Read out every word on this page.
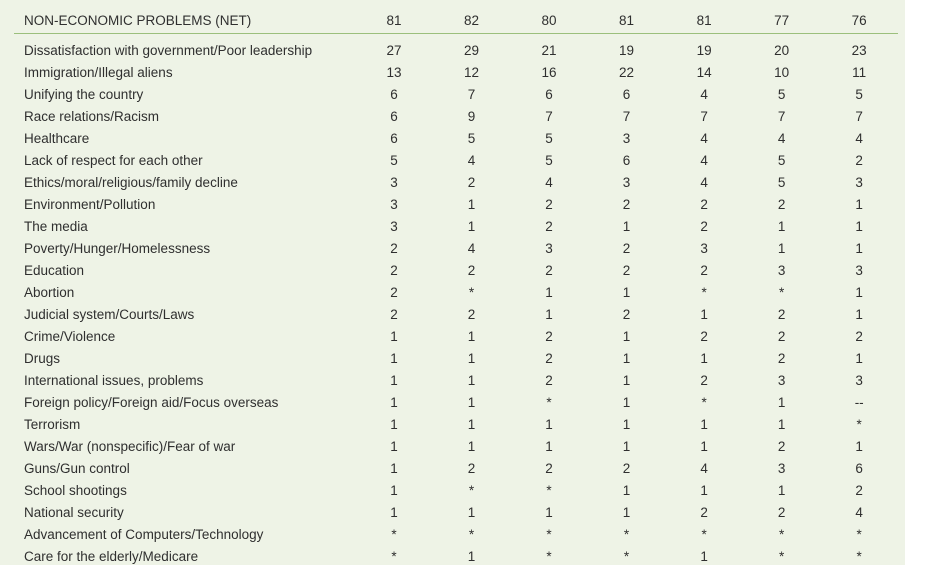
NON-ECONOMIC PROBLEMS (NET)	81	82	80	81	81	77	76
Dissatisfaction with government/Poor leadership	27	29	21	19	19	20	23
Immigration/Illegal aliens	13	12	16	22	14	10	11
Unifying the country	6	7	6	6	4	5	5
Race relations/Racism	6	9	7	7	7	7	7
Healthcare	6	5	5	3	4	4	4
Lack of respect for each other	5	4	5	6	4	5	2
Ethics/moral/religious/family decline	3	2	4	3	4	5	3
Environment/Pollution	3	1	2	2	2	2	1
The media	3	1	2	1	2	1	1
Poverty/Hunger/Homelessness	2	4	3	2	3	1	1
Education	2	2	2	2	2	3	3
Abortion	2	*	1	1	*	*	1
Judicial system/Courts/Laws	2	2	1	2	1	2	1
Crime/Violence	1	1	2	1	2	2	2
Drugs	1	1	2	1	1	2	1
International issues, problems	1	1	2	1	2	3	3
Foreign policy/Foreign aid/Focus overseas	1	1	*	1	*	1	--
Terrorism	1	1	1	1	1	1	*
Wars/War (nonspecific)/Fear of war	1	1	1	1	1	2	1
Guns/Gun control	1	2	2	2	4	3	6
School shootings	1	*	*	1	1	1	2
National security	1	1	1	1	2	2	4
Advancement of Computers/Technology	*	*	*	*	*	*	*
Care for the elderly/Medicare	*	1	*	*	1	*	*
